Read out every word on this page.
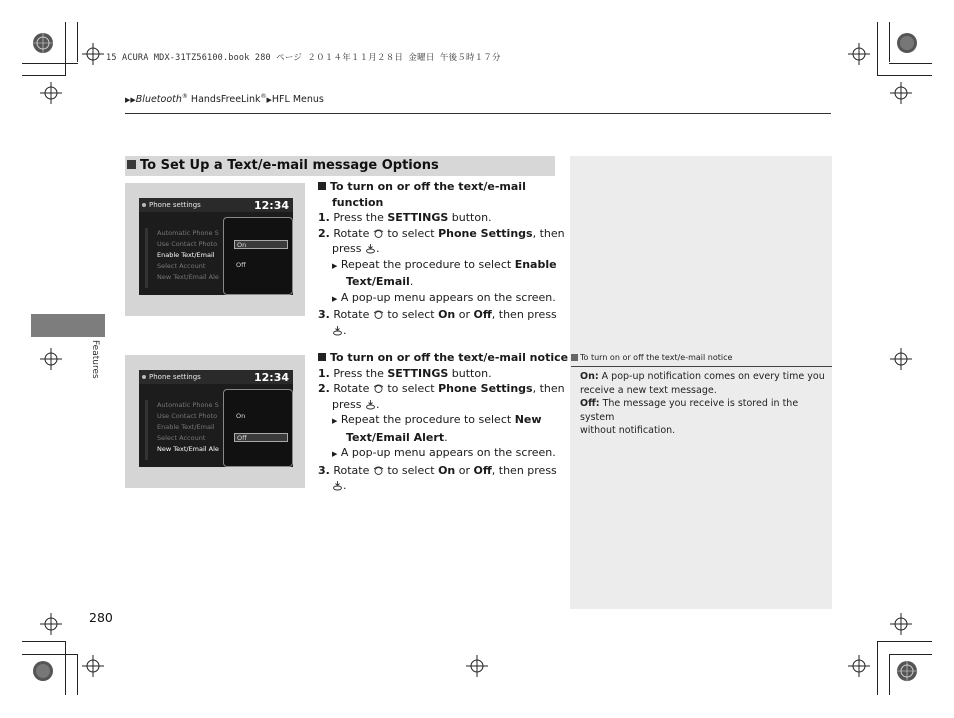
15 ACURA MDX-31TZ56100.book 280 ページ ２０１４年１１月２８日 金曜日 午後５時１７分
▶▶Bluetooth® HandsFreeLink®▶HFL Menus
Features
To Set Up a Text/e-mail message Options
Phone settings	12:34
Automatic Phone S
Use Contact Photo
Enable Text/Email
Select Account
New Text/Email Ale
On
Off
Phone settings	12:34
Automatic Phone S
Use Contact Photo
Enable Text/Email
Select Account
New Text/Email Ale
On
Off
To turn on or off the text/e-mail
function
1. Press the SETTINGS button.
2. Rotate  to select Phone Settings, then
press .
▶ Repeat the procedure to select Enable
Text/Email.
▶ A pop-up menu appears on the screen.
3. Rotate  to select On or Off, then press
.
To turn on or off the text/e-mail notice
1. Press the SETTINGS button.
2. Rotate  to select Phone Settings, then
press .
▶ Repeat the procedure to select New
Text/Email Alert.
▶ A pop-up menu appears on the screen.
3. Rotate  to select On or Off, then press
.
To turn on or off the text/e-mail notice
On: A pop-up notification comes on every time you
receive a new text message.
Off: The message you receive is stored in the system
without notification.
280
